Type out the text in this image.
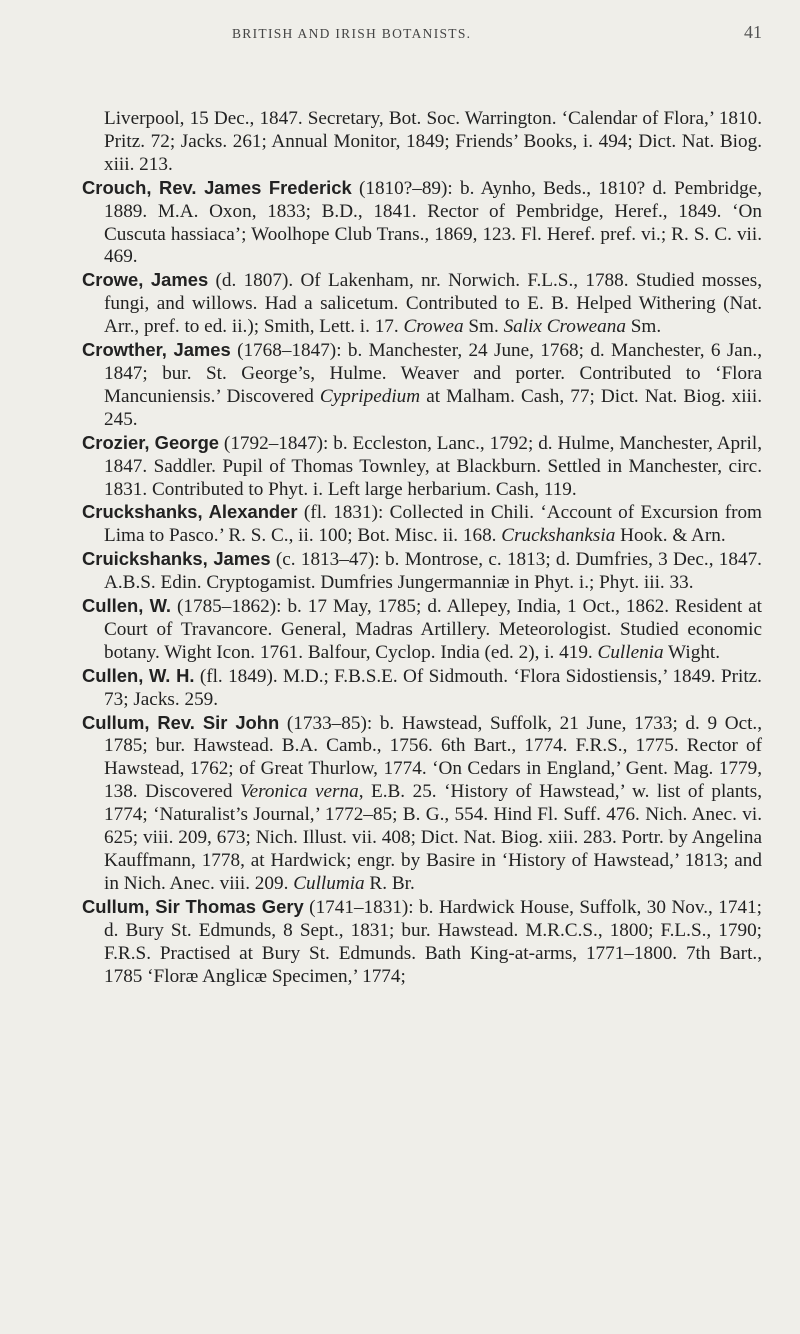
BRITISH AND IRISH BOTANISTS.	41

Liverpool, 15 Dec., 1847. Secretary, Bot. Soc. Warrington. ‘Calendar of Flora,’ 1810. Pritz. 72; Jacks. 261; Annual Monitor, 1849; Friends’ Books, i. 494; Dict. Nat. Biog. xiii. 213.

Crouch, Rev. James Frederick (1810?–89): b. Aynho, Beds., 1810? d. Pembridge, 1889. M.A. Oxon, 1833; B.D., 1841. Rector of Pembridge, Heref., 1849. ‘On Cuscuta hassiaca’; Woolhope Club Trans., 1869, 123. Fl. Heref. pref. vi.; R. S. C. vii. 469.

Crowe, James (d. 1807). Of Lakenham, nr. Norwich. F.L.S., 1788. Studied mosses, fungi, and willows. Had a salicetum. Contributed to E. B. Helped Withering (Nat. Arr., pref. to ed. ii.); Smith, Lett. i. 17. Crowea Sm. Salix Croweana Sm.

Crowther, James (1768–1847): b. Manchester, 24 June, 1768; d. Manchester, 6 Jan., 1847; bur. St. George’s, Hulme. Weaver and porter. Contributed to ‘Flora Mancuniensis.’ Discovered Cypripedium at Malham. Cash, 77; Dict. Nat. Biog. xiii. 245.

Crozier, George (1792–1847): b. Eccleston, Lanc., 1792; d. Hulme, Manchester, April, 1847. Saddler. Pupil of Thomas Townley, at Blackburn. Settled in Manchester, circ. 1831. Contributed to Phyt. i. Left large herbarium. Cash, 119.

Cruckshanks, Alexander (fl. 1831): Collected in Chili. ‘Account of Excursion from Lima to Pasco.’ R. S. C., ii. 100; Bot. Misc. ii. 168. Cruckshanksia Hook. & Arn.

Cruickshanks, James (c. 1813–47): b. Montrose, c. 1813; d. Dumfries, 3 Dec., 1847. A.B.S. Edin. Cryptogamist. Dumfries Jungermanniæ in Phyt. i.; Phyt. iii. 33.

Cullen, W. (1785–1862): b. 17 May, 1785; d. Allepey, India, 1 Oct., 1862. Resident at Court of Travancore. General, Madras Artillery. Meteorologist. Studied economic botany. Wight Icon. 1761. Balfour, Cyclop. India (ed. 2), i. 419. Cullenia Wight.

Cullen, W. H. (fl. 1849). M.D.; F.B.S.E. Of Sidmouth. ‘Flora Sidostiensis,’ 1849. Pritz. 73; Jacks. 259.

Cullum, Rev. Sir John (1733–85): b. Hawstead, Suffolk, 21 June, 1733; d. 9 Oct., 1785; bur. Hawstead. B.A. Camb., 1756. 6th Bart., 1774. F.R.S., 1775. Rector of Hawstead, 1762; of Great Thurlow, 1774. ‘On Cedars in England,’ Gent. Mag. 1779, 138. Discovered Veronica verna, E.B. 25. ‘History of Hawstead,’ w. list of plants, 1774; ‘Naturalist’s Journal,’ 1772–85; B. G., 554. Hind Fl. Suff. 476. Nich. Anec. vi. 625; viii. 209, 673; Nich. Illust. vii. 408; Dict. Nat. Biog. xiii. 283. Portr. by Angelina Kauffmann, 1778, at Hardwick; engr. by Basire in ‘History of Hawstead,’ 1813; and in Nich. Anec. viii. 209. Cullumia R. Br.

Cullum, Sir Thomas Gery (1741–1831): b. Hardwick House, Suffolk, 30 Nov., 1741; d. Bury St. Edmunds, 8 Sept., 1831; bur. Hawstead. M.R.C.S., 1800; F.L.S., 1790; F.R.S. Practised at Bury St. Edmunds. Bath King-at-arms, 1771–1800. 7th Bart., 1785 ‘Floræ Anglicæ Specimen,’ 1774;
